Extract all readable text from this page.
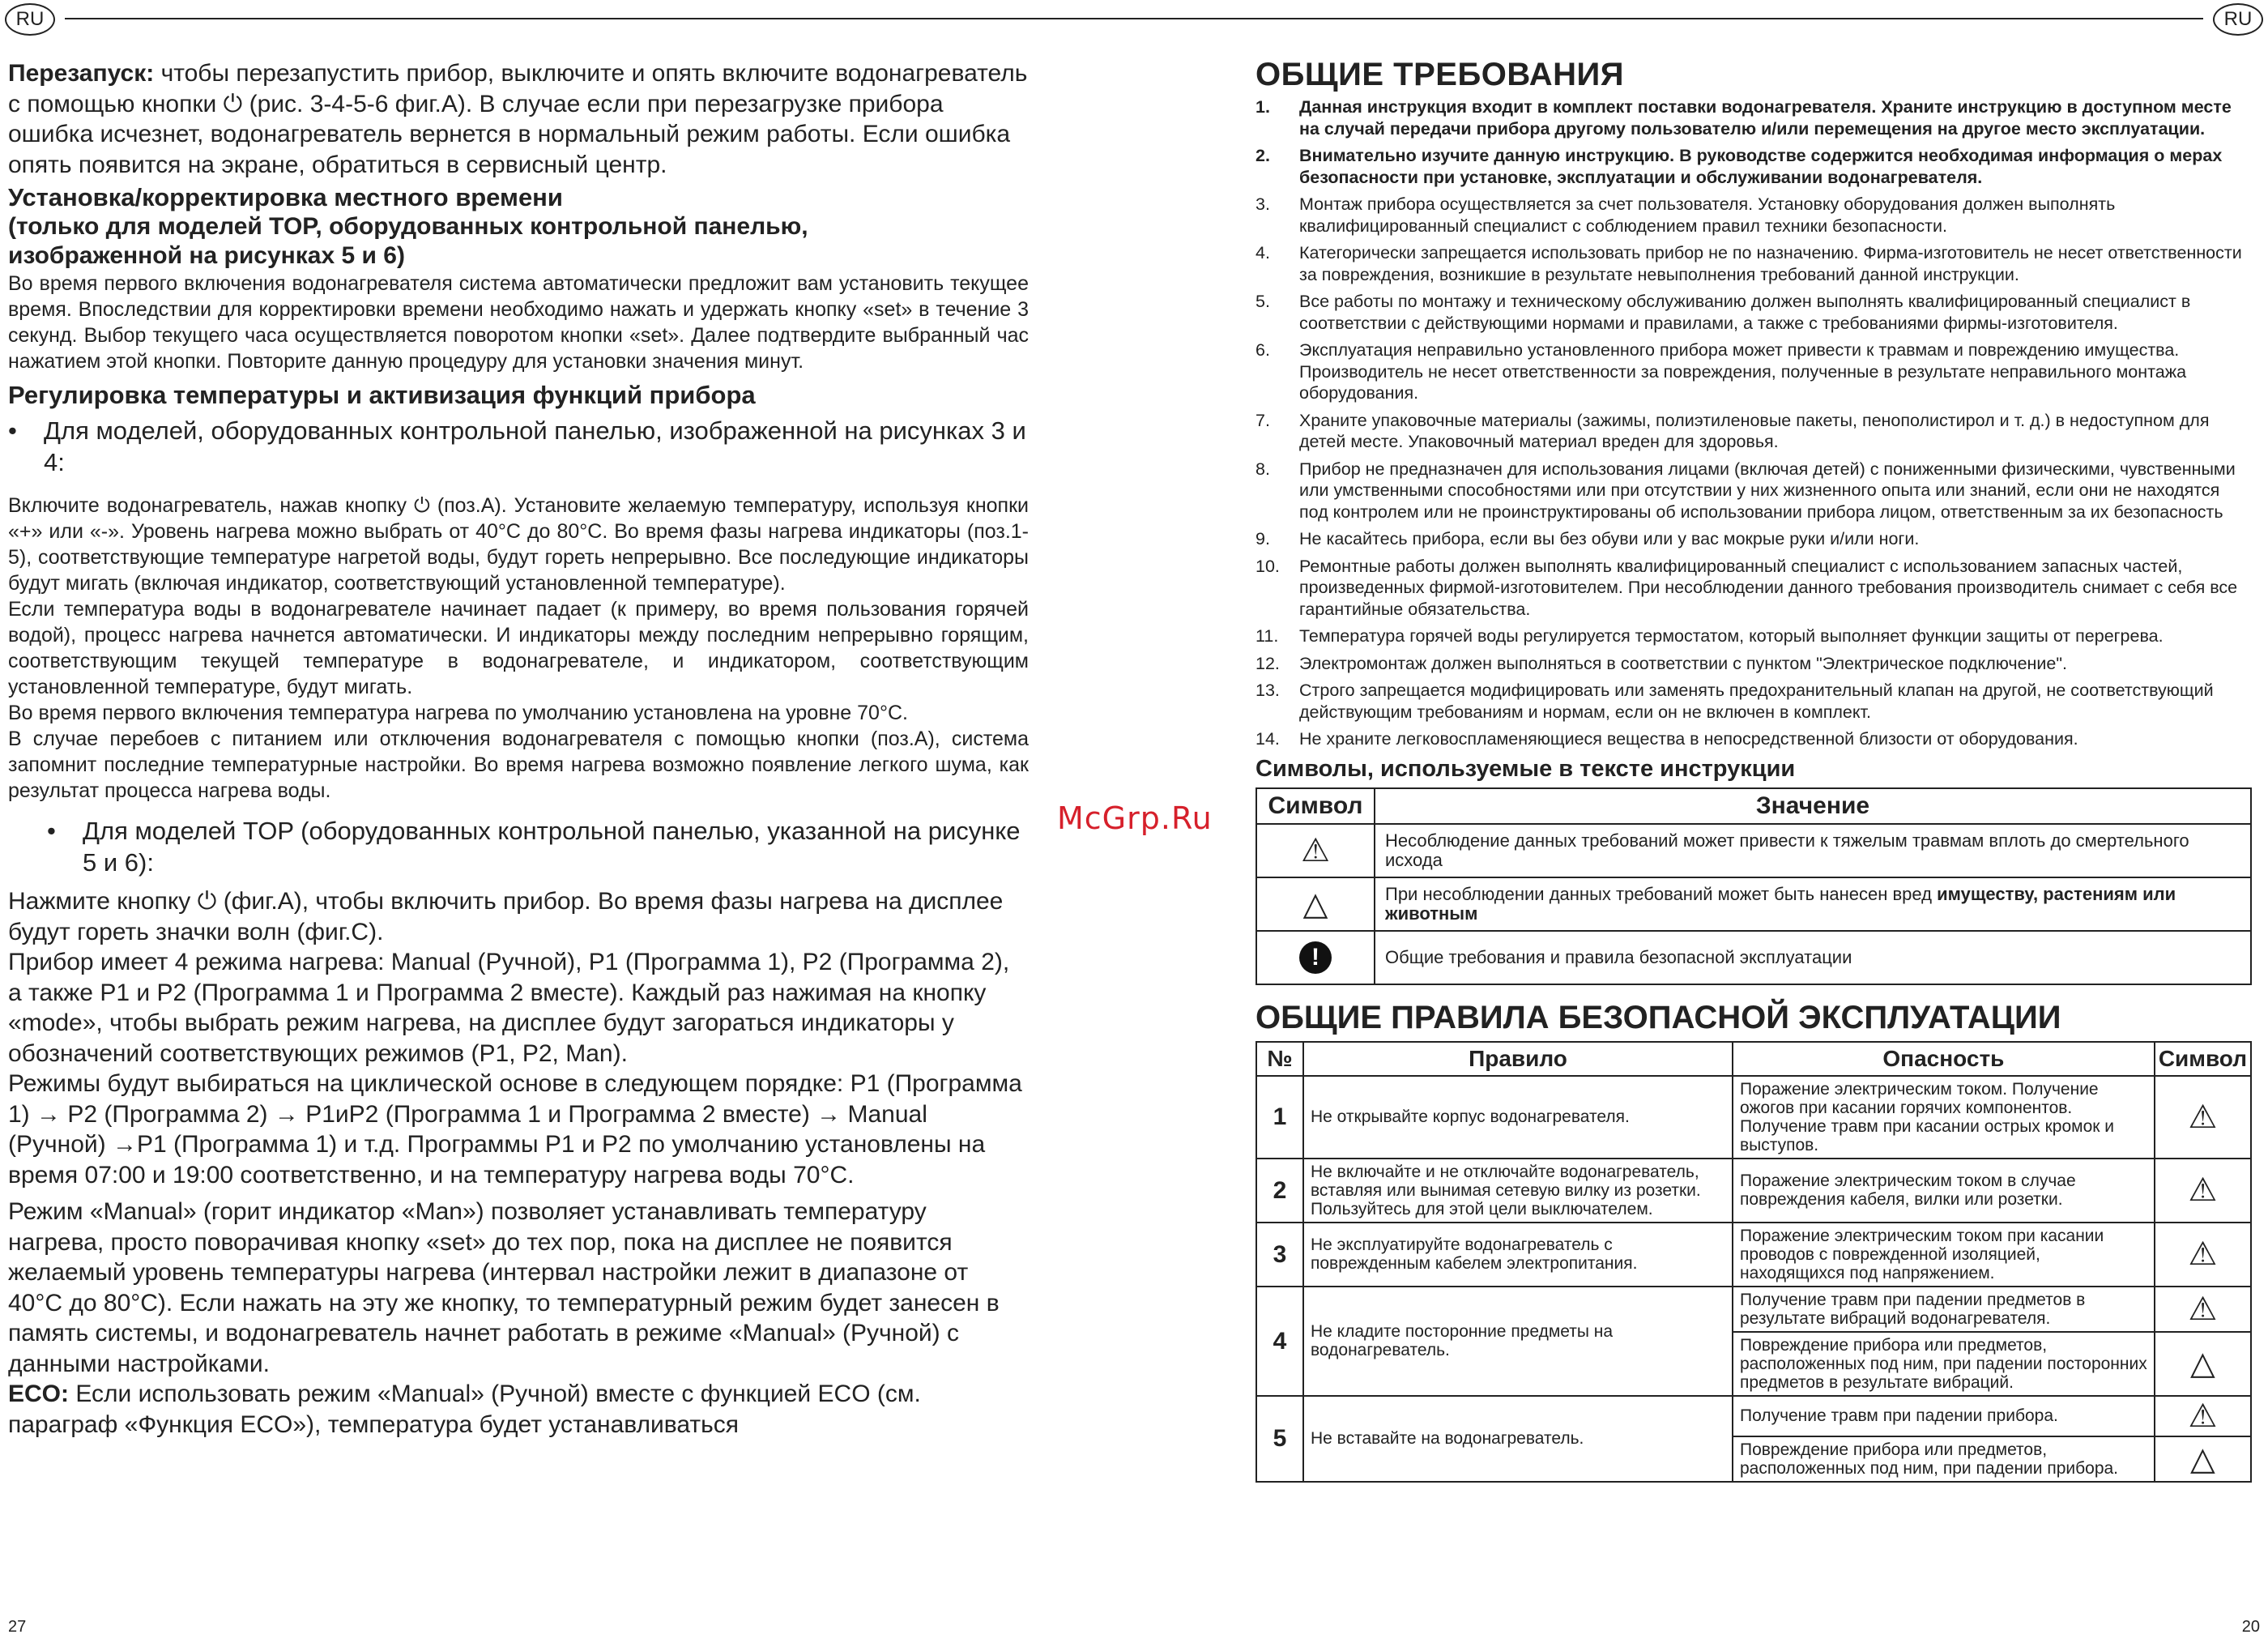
RU	RU

Перезапуск: чтобы перезапустить прибор, выключите и опять включите водонагреватель с помощью кнопки ⏻ (рис. 3-4-5-6 фиг.А). В случае если при перезагрузке прибора ошибка исчезнет, водонагреватель вернется в нормальный режим работы. Если ошибка опять появится на экране, обратиться в сервисный центр.

Установка/корректировка местного времени
(только для моделей TOP, оборудованных контрольной панелью,
изображенной на рисунках 5 и 6)

Во время первого включения водонагревателя система автоматически предложит вам установить текущее время. Впоследствии для корректировки времени необходимо нажать и удержать кнопку «set» в течение 3 секунд. Выбор текущего часа осуществляется поворотом кнопки «set». Далее подтвердите выбранный час нажатием этой кнопки. Повторите данную процедуру для установки значения минут.

Регулировка температуры и активизация функций прибора
• Для моделей, оборудованных контрольной панелью, изображенной на рисунках 3 и 4:

Включите водонагреватель, нажав кнопку ⏻ (поз.А). Установите желаемую температуру, используя кнопки «+» или «-». Уровень нагрева можно выбрать от 40°C до 80°C. Во время фазы нагрева индикаторы (поз.1-5), соответствующие температуре нагретой воды, будут гореть непрерывно. Все последующие индикаторы будут мигать (включая индикатор, соответствующий установленной температуре).

Если температура воды в водонагревателе начинает падает (к примеру, во время пользования горячей водой), процесс нагрева начнется автоматически. И индикаторы между последним непрерывно горящим, соответствующим текущей температуре в водонагревателе, и индикатором, соответствующим установленной температуре, будут мигать.

Во время первого включения температура нагрева по умолчанию установлена на уровне 70°C.

В случае перебоев с питанием или отключения водонагревателя с помощью кнопки (поз.А), система запомнит последние температурные настройки. Во время нагрева возможно появление легкого шума, как результат процесса нагрева воды.

• Для моделей TOP (оборудованных контрольной панелью, указанной на рисунке 5 и 6):

Нажмите кнопку ⏻ (фиг.А), чтобы включить прибор. Во время фазы нагрева на дисплее будут гореть значки волн (фиг.С).

Прибор имеет 4 режима нагрева: Manual (Ручной), P1 (Программа 1), P2 (Программа 2), а также P1 и P2 (Программа 1 и Программа 2 вместе). Каждый раз нажимая на кнопку «mode», чтобы выбрать режим нагрева, на дисплее будут загораться индикаторы у обозначений соответствующих режимов (P1, P2, Man).

Режимы будут выбираться на циклической основе в следующем порядке: P1 (Программа 1) → P2 (Программа 2) → P1иP2 (Программа 1 и Программа 2 вместе) → Manual (Ручной) →P1 (Программа 1) и т.д. Программы P1 и P2 по умолчанию установлены на время 07:00 и 19:00 соответственно, и на температуру нагрева воды 70°C.

Режим «Manual» (горит индикатор «Man») позволяет устанавливать температуру нагрева, просто поворачивая кнопку «set» до тех пор, пока на дисплее не появится желаемый уровень температуры нагрева (интервал настройки лежит в диапазоне от 40°C до 80°C). Если нажать на эту же кнопку, то температурный режим будет занесен в память системы, и водонагреватель начнет работать в режиме «Manual» (Ручной) с данными настройками.

ECO: Если использовать режим «Manual» (Ручной) вместе с функцией ECO (см. параграф «Функция ECO»), температура будет устанавливаться

McGrp.Ru
ОБЩИЕ ТРЕБОВАНИЯ
1. Данная инструкция входит в комплект поставки водонагревателя. Храните инструкцию в доступном месте на случай передачи прибора другому пользователю и/или перемещения на другое место эксплуатации.
2. Внимательно изучите данную инструкцию. В руководстве содержится необходимая информация о мерах безопасности при установке, эксплуатации и обслуживании водонагревателя.
3. Монтаж прибора осуществляется за счет пользователя. Установку оборудования должен выполнять квалифицированный специалист с соблюдением правил техники безопасности.
4. Категорически запрещается использовать прибор не по назначению. Фирма-изготовитель не несет ответственности за повреждения, возникшие в результате невыполнения требований данной инструкции.
5. Все работы по монтажу и техническому обслуживанию должен выполнять квалифицированный специалист в соответствии с действующими нормами и правилами, а также с требованиями фирмы-изготовителя.
6. Эксплуатация неправильно установленного прибора может привести к травмам и повреждению имущества. Производитель не несет ответственности за повреждения, полученные в результате неправильного монтажа оборудования.
7. Храните упаковочные материалы (зажимы, полиэтиленовые пакеты, пенополистирол и т. д.) в недоступном для детей месте. Упаковочный материал вреден для здоровья.
8. Прибор не предназначен для использования лицами (включая детей) с пониженными физическими, чувственными или умственными способностями или при отсутствии у них жизненного опыта или знаний, если они не находятся под контролем или не проинструктированы об использовании прибора лицом, ответственным за их безопасность
9. Не касайтесь прибора, если вы без обуви или у вас мокрые руки и/или ноги.
10. Ремонтные работы должен выполнять квалифицированный специалист с использованием запасных частей, произведенных фирмой-изготовителем. При несоблюдении данного требования производитель снимает с себя все гарантийные обязательства.
11. Температура горячей воды регулируется термостатом, который выполняет функции защиты от перегрева.
12. Электромонтаж должен выполняться в соответствии с пунктом "Электрическое подключение".
13. Строго запрещается модифицировать или заменять предохранительный клапан на другой, не соответствующий действующим требованиям и нормам, если он не включен в комплект.
14. Не храните легковоспламеняющиеся вещества в непосредственной близости от оборудования.
Символы, используемые в тексте инструкции
Символ	Значение
⚠	Несоблюдение данных требований может привести к тяжелым травмам вплоть до смертельного исхода
△	При несоблюдении данных требований может быть нанесен вред имуществу, растениям или животным
!	Общие требования и правила безопасной эксплуатации
ОБЩИЕ ПРАВИЛА БЕЗОПАСНОЙ ЭКСПЛУАТАЦИИ
№	Правило	Опасность	Символ
1	Не открывайте корпус водонагревателя.	Поражение электрическим током. Получение ожогов при касании горячих компонентов. Получение травм при касании острых кромок и выступов.	⚠
2	Не включайте и не отключайте водонагреватель, вставляя или вынимая сетевую вилку из розетки. Пользуйтесь для этой цели выключателем.	Поражение электрическим током в случае повреждения кабеля, вилки или розетки.	⚠
3	Не эксплуатируйте водонагреватель с поврежденным кабелем электропитания.	Поражение электрическим током при касании проводов с поврежденной изоляцией, находящихся под напряжением.	⚠
4	Не кладите посторонние предметы на водонагреватель.	Получение травм при падении предметов в результате вибраций водонагревателя.	⚠
		Повреждение прибора или предметов, расположенных под ним, при падении посторонних предметов в результате вибраций.	△
5	Не вставайте на водонагреватель.	Получение травм при падении прибора.	⚠
		Повреждение прибора или предметов, расположенных под ним, при падении прибора.	△
27	20
